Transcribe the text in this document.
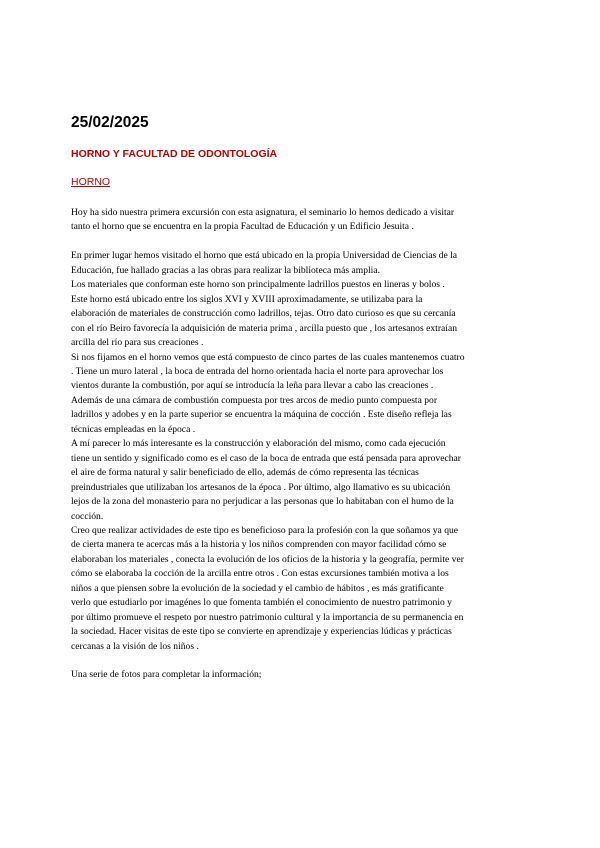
25/02/2025
HORNO Y FACULTAD DE ODONTOLOGÍA
HORNO
Hoy ha sido nuestra primera excursión con esta asignatura, el seminario lo hemos dedicado a visitar
tanto el horno que se encuentra en la propia Facultad de Educación y un Edificio Jesuita .
En primer lugar hemos visitado el horno que está ubicado en la propia Universidad de Ciencias de la
Educación, fue hallado gracias a las obras para realizar la biblioteca más amplia.
Los materiales que conforman este horno son principalmente ladrillos puestos en lineras y bolos .
Este horno está ubicado entre los siglos XVI y XVIII aproximadamente, se utilizaba para la
elaboración de materiales de construcción como ladrillos, tejas. Otro dato curioso es que su cercanía
con el río Beiro favorecía la adquisición de materia prima , arcilla puesto que , los artesanos extraían
arcilla del río para sus creaciones .
Si nos fijamos en el horno vemos que está compuesto de cinco partes de las cuales mantenemos cuatro
. Tiene un muro lateral , la boca de entrada del horno orientada hacia el norte para aprovechar los
vientos durante la combustión, por aquí se introducía la leña para llevar a cabo las creaciones .
Además de una cámara de combustión compuesta por tres arcos de medio punto compuesta por
ladrillos y adobes y en la parte superior se encuentra la máquina de cocción . Este diseño refleja las
técnicas empleadas en la época .
A mí parecer lo más interesante es la construcción y elaboración del mismo, como cada ejecución
tiene un sentido y significado como es el caso de la boca de entrada que está pensada para aprovechar
el aire de forma natural y salir beneficiado de ello, además de cómo representa las técnicas
preindustriales que utilizaban los artesanos de la época . Por último, algo llamativo es su ubicación
lejos de la zona del monasterio para no perjudicar a las personas que lo habitaban con el humo de la
cocción.
Creo que realizar actividades de este tipo es beneficioso para la profesión con la que soñamos ya que
de cierta manera te acercas más a la historia y los niños comprenden con mayor facilidad cómo se
elaboraban los materiales , conecta la evolución de los oficios de la historia y la geografía, permite ver
cómo se elaboraba la cocción de la arcilla entre otros . Con estas excursiones también motiva a los
niños a que piensen sobre la evolución de la sociedad y el cambio de hábitos , es más gratificante
verlo que estudiarlo por imagénes lo que fomenta también el conocimiento de nuestro patrimonio y
por último promueve el respeto por nuestro patrimonio cultural y la importancia de su permanencia en
la sociedad. Hacer visitas de este tipo se convierte en aprendizaje y experiencias lúdicas y prácticas
cercanas a la visión de los niños .
Una serie de fotos para completar la información;
